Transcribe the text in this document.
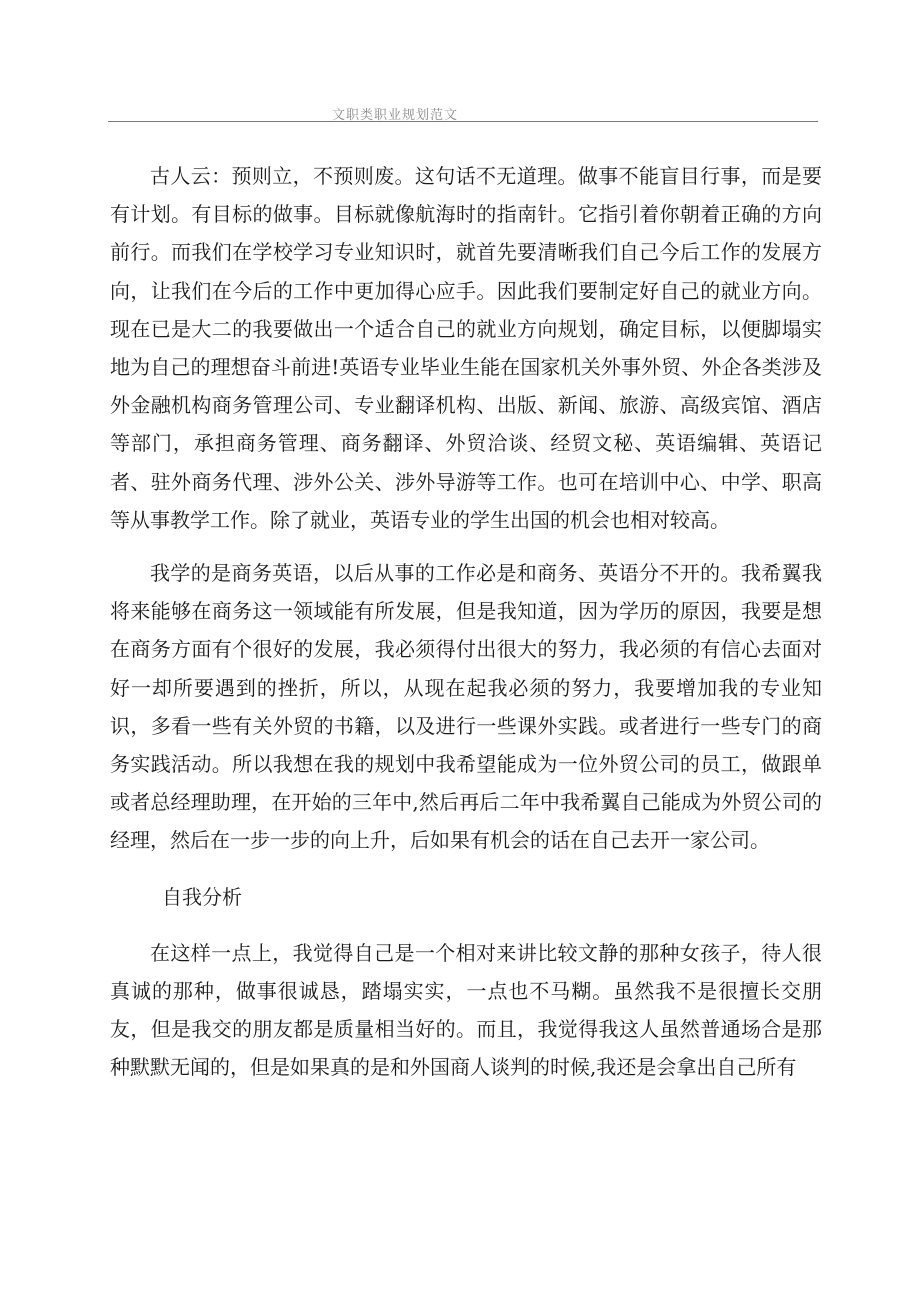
文职类职业规划范文

古人云：预则立，不预则废。这句话不无道理。做事不能盲目行事，而是要有计划。有目标的做事。目标就像航海时的指南针。它指引着你朝着正确的方向前行。而我们在学校学习专业知识时，就首先要清晰我们自己今后工作的发展方向，让我们在今后的工作中更加得心应手。因此我们要制定好自己的就业方向。现在已是大二的我要做出一个适合自己的就业方向规划，确定目标，以便脚塌实地为自己的理想奋斗前进!英语专业毕业生能在国家机关外事外贸、外企各类涉及外金融机构商务管理公司、专业翻译机构、出版、新闻、旅游、高级宾馆、酒店等部门，承担商务管理、商务翻译、外贸洽谈、经贸文秘、英语编辑、英语记者、驻外商务代理、涉外公关、涉外导游等工作。也可在培训中心、中学、职高等从事教学工作。除了就业，英语专业的学生出国的机会也相对较高。

我学的是商务英语，以后从事的工作必是和商务、英语分不开的。我希翼我将来能够在商务这一领域能有所发展，但是我知道，因为学历的原因，我要是想在商务方面有个很好的发展，我必须得付出很大的努力，我必须的有信心去面对好一却所要遇到的挫折，所以，从现在起我必须的努力，我要增加我的专业知识，多看一些有关外贸的书籍，以及进行一些课外实践。或者进行一些专门的商务实践活动。所以我想在我的规划中我希望能成为一位外贸公司的员工，做跟单或者总经理助理，在开始的三年中,然后再后二年中我希翼自己能成为外贸公司的经理，然后在一步一步的向上升，后如果有机会的话在自己去开一家公司。

自我分析

在这样一点上，我觉得自己是一个相对来讲比较文静的那种女孩子，待人很真诚的那种，做事很诚恳，踏塌实实，一点也不马糊。虽然我不是很擅长交朋友，但是我交的朋友都是质量相当好的。而且，我觉得我这人虽然普通场合是那种默默无闻的，但是如果真的是和外国商人谈判的时候,我还是会拿出自己所有
